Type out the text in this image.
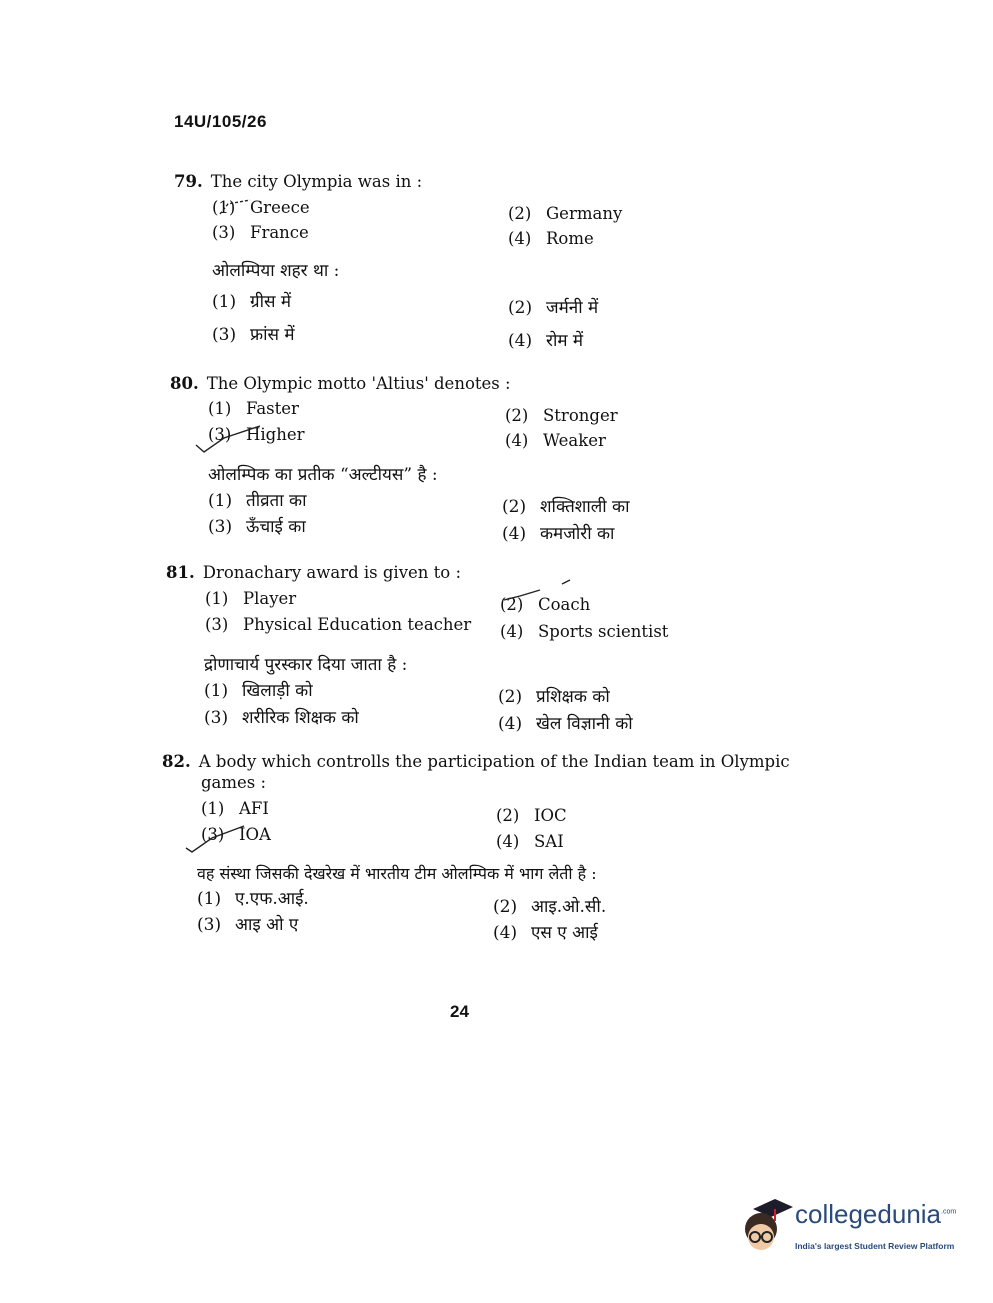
14U/105/26
79. The city Olympia was in :
(1) Greece	(2) Germany
(3) France	(4) Rome
ओलम्पिया शहर था :
(1) ग्रीस में	(2) जर्मनी में
(3) फ्रांस में	(4) रोम में
80. The Olympic motto 'Altius' denotes :
(1) Faster	(2) Stronger
(3) Higher	(4) Weaker
ओलम्पिक का प्रतीक “अल्टीयस” है :
(1) तीव्रता का	(2) शक्तिशाली का
(3) ऊँचाई का	(4) कमजोरी का
81. Dronachary award is given to :
(1) Player	(2) Coach
(3) Physical Education teacher (4) Sports scientist
द्रोणाचार्य पुरस्कार दिया जाता है :
(1) खिलाड़ी को	(2) प्रशिक्षक को
(3) शरीरिक शिक्षक को	(4) खेल विज्ञानी को
82. A body which controlls the participation of the Indian team in Olympic
games :
(1) AFI	(2) IOC
(3) IOA	(4) SAI
वह संस्था जिसकी देखरेख में भारतीय टीम ओलम्पिक में भाग लेती है :
(1) ए.एफ.आई.	(2) आइ.ओ.सी.
(3) आइ ओ ए	(4) एस ए आई
24
collegedunia$^{.com}$
India's largest Student Review Platform
